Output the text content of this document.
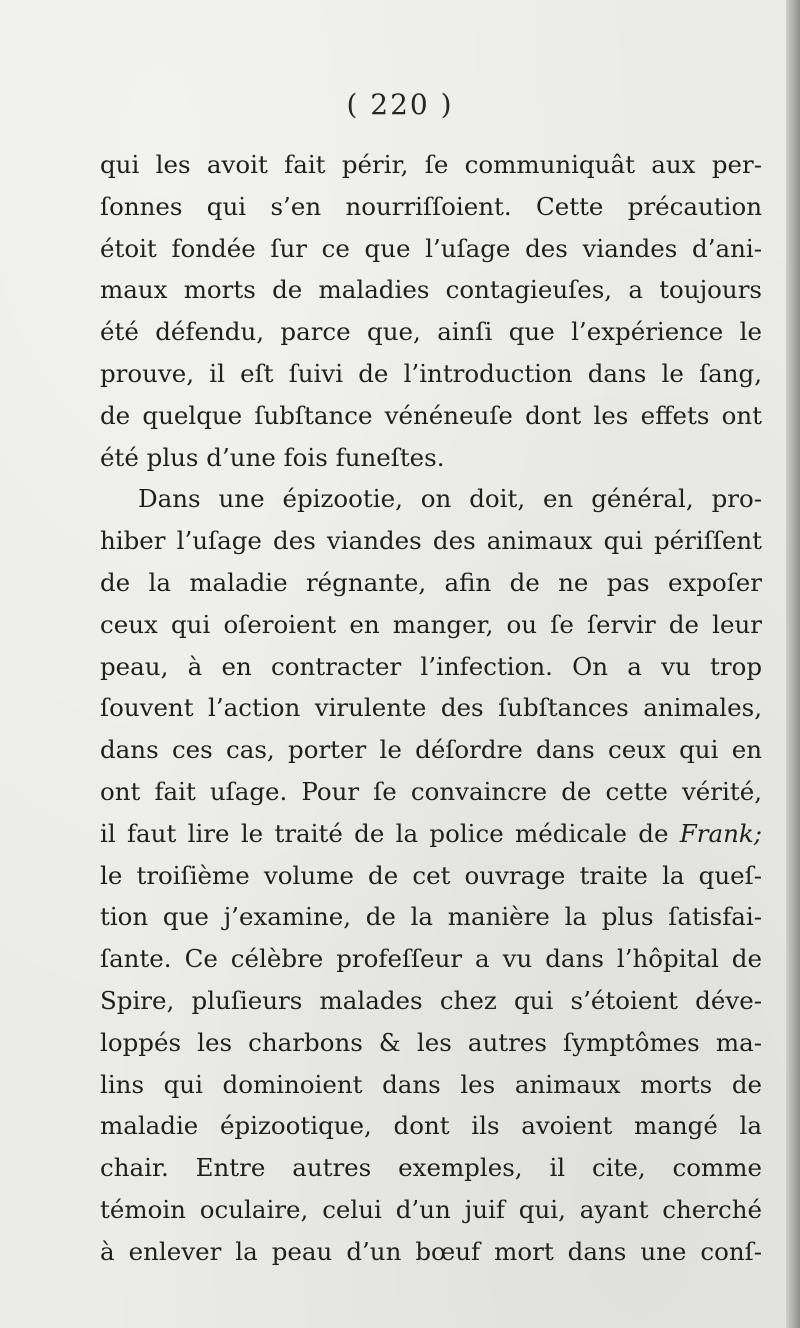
( 220 )
qui les avoit fait périr, ſe communiquât aux per-
ſonnes qui s’en nourriſſoient. Cette précaution
étoit fondée ſur ce que l’uſage des viandes d’ani-
maux morts de maladies contagieuſes, a toujours
été défendu, parce que, ainſi que l’expérience le
prouve, il eſt ſuivi de l’introduction dans le ſang,
de quelque ſubſtance vénéneuſe dont les effets ont
été plus d’une fois funeſtes.
Dans une épizootie, on doit, en général, pro-
hiber l’uſage des viandes des animaux qui périſſent
de la maladie régnante, afin de ne pas expoſer
ceux qui oſeroient en manger, ou ſe ſervir de leur
peau, à en contracter l’infection. On a vu trop
ſouvent l’action virulente des ſubſtances animales,
dans ces cas, porter le déſordre dans ceux qui en
ont fait uſage. Pour ſe convaincre de cette vérité,
il faut lire le traité de la police médicale de Frank;
le troiſième volume de cet ouvrage traite la queſ-
tion que j’examine, de la manière la plus ſatisfai-
ſante. Ce célèbre profeſſeur a vu dans l’hôpital de
Spire, pluſieurs malades chez qui s’étoient déve-
loppés les charbons & les autres ſymptômes ma-
lins qui dominoient dans les animaux morts de
maladie épizootique, dont ils avoient mangé la
chair. Entre autres exemples, il cite, comme
témoin oculaire, celui d’un juif qui, ayant cherché
à enlever la peau d’un bœuf mort dans une conſ-
